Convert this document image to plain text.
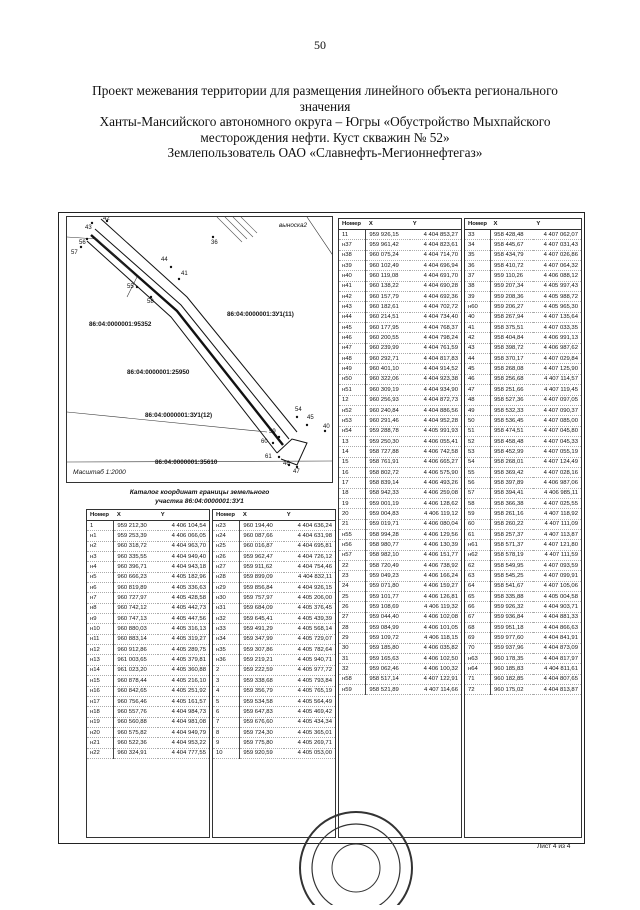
50
Проект межевания территории для размещения линейного объекта регионального значения
Ханты-Мансийского автономного округа – Югры «Обустройство Мыхпайского
месторождения нефти. Куст скважин № 52»
Землепользователь ОАО «Славнефть-Мегионнефтегаз»
выноска2
43
42
56
57
36
44
41
55
58
54
45
40
59
60
61
46
47
86:04:0000001:95352
86:04:0000001:ЗУ1(11)
86:04:0000001:25950
86:04:0000001:ЗУ1(12)
86:04:0000001:35610
Масштаб 1:2000
Каталог координат границы земельного
участка 86:04:0000001:ЗУ1
Номер	X	Y
1	959 212,30	4 406 104,54
н1	959 253,39	4 406 066,05
н2	960 318,72	4 404 963,70
н3	960 335,55	4 404 949,40
н4	960 396,71	4 404 943,18
н5	960 666,23	4 405 182,96
н6	960 819,89	4 405 336,63
н7	960 727,97	4 405 428,58
н8	960 742,12	4 405 442,73
н9	960 747,13	4 405 447,56
н10	960 880,03	4 405 316,13
н11	960 883,14	4 405 319,27
н12	960 912,86	4 405 289,75
н13	961 003,65	4 405 379,81
н14	961 023,20	4 405 360,88
н15	960 878,44	4 405 216,10
н16	960 842,65	4 405 251,92
н17	960 756,46	4 405 161,57
н18	960 557,76	4 404 984,73
н19	960 560,88	4 404 981,08
н20	960 575,82	4 404 949,79
н21	960 522,36	4 404 953,22
н22	960 324,91	4 404 777,55
Номер	X	Y
н23	960 194,40	4 404 636,24
н24	960 087,66	4 404 631,98
н25	960 016,87	4 404 695,81
н26	959 962,47	4 404 726,12
н27	959 911,62	4 404 754,46
н28	959 899,09	4 404 832,11
н29	959 856,84	4 404 926,15
н30	959 757,97	4 405 206,00
н31	959 684,09	4 405 376,45
н32	959 645,41	4 405 439,39
н33	959 491,29	4 405 568,14
н34	959 347,99	4 405 729,07
н35	959 307,86	4 405 782,64
н36	959 219,21	4 405 940,71
2	959 222,59	4 405 977,72
3	959 338,68	4 405 793,84
4	959 356,79	4 405 765,19
5	959 534,58	4 405 564,49
6	959 647,83	4 405 469,42
7	959 676,60	4 405 434,34
8	959 724,30	4 405 365,01
9	959 775,80	4 405 269,71
10	959 920,59	4 405 053,00
Номер	X	Y
11	959 926,15	4 404 853,27
н37	959 961,42	4 404 823,61
н38	960 075,24	4 404 714,70
н39	960 102,49	4 404 696,94
н40	960 119,08	4 404 691,70
н41	960 138,22	4 404 690,28
н42	960 157,79	4 404 692,36
н43	960 182,61	4 404 702,72
н44	960 214,51	4 404 734,40
н45	960 177,95	4 404 768,37
н46	960 200,55	4 404 798,24
н47	960 239,99	4 404 761,59
н48	960 292,71	4 404 817,83
н49	960 401,10	4 404 914,52
н50	960 322,06	4 404 923,38
н51	960 309,19	4 404 934,90
12	960 256,93	4 404 872,73
н52	960 240,84	4 404 886,56
н53	960 291,46	4 404 952,28
н54	959 288,78	4 405 991,93
13	959 250,30	4 406 055,41
14	958 727,88	4 406 742,58
15	958 761,91	4 406 665,27
16	958 802,72	4 406 575,90
17	958 839,14	4 406 493,26
18	958 942,33	4 406 259,08
19	959 001,19	4 406 128,62
20	959 004,83	4 406 119,12
21	959 019,71	4 406 080,04
н55	958 994,28	4 406 129,56
н56	958 980,77	4 406 130,39
н57	958 982,10	4 406 151,77
22	958 720,49	4 406 738,92
23	959 049,23	4 406 166,24
24	959 071,80	4 406 159,27
25	959 101,77	4 406 126,81
26	959 108,69	4 406 119,32
27	959 044,40	4 406 102,08
28	959 084,99	4 406 101,05
29	959 109,72	4 406 118,15
30	959 185,80	4 406 035,82
31	959 165,63	4 406 102,50
32	959 062,46	4 406 100,32
н58	958 517,14	4 407 122,91
н59	958 521,89	4 407 114,66
Номер	X	Y
33	958 428,48	4 407 062,07
34	958 445,67	4 407 031,43
35	958 434,79	4 407 026,86
36	958 410,72	4 407 064,32
37	959 110,26	4 406 088,12
38	959 207,34	4 405 997,43
39	959 208,36	4 405 988,72
н60	959 206,27	4 405 965,30
40	958 267,94	4 407 135,64
41	958 375,51	4 407 033,35
42	958 404,84	4 406 991,13
43	958 398,72	4 406 987,62
44	958 370,17	4 407 029,84
45	958 268,08	4 407 125,90
46	958 256,68	4 407 114,57
47	958 251,66	4 407 119,45
48	958 527,36	4 407 097,05
49	958 532,33	4 407 090,37
50	958 536,45	4 407 085,00
51	958 474,51	4 407 045,80
52	958 458,48	4 407 045,33
53	958 452,99	4 407 055,19
54	958 268,01	4 407 124,49
55	958 369,42	4 407 028,16
56	958 397,89	4 406 987,06
57	958 394,41	4 406 985,11
58	958 366,38	4 407 025,55
59	958 261,16	4 407 118,92
60	958 260,22	4 407 111,09
61	958 257,37	4 407 113,87
н61	958 571,37	4 407 121,80
н62	958 578,19	4 407 111,59
62	958 549,95	4 407 093,59
63	958 545,25	4 407 099,91
64	958 541,67	4 407 105,06
65	958 335,88	4 405 004,58
66	959 926,32	4 404 903,71
67	959 936,84	4 404 881,33
68	959 951,18	4 404 866,63
69	959 977,60	4 404 841,91
70	959 937,96	4 404 873,09
н63	960 178,35	4 404 817,97
н64	960 185,83	4 404 811,61
71	960 182,85	4 404 807,65
72	960 175,02	4 404 813,87
Лист 4 из 4
